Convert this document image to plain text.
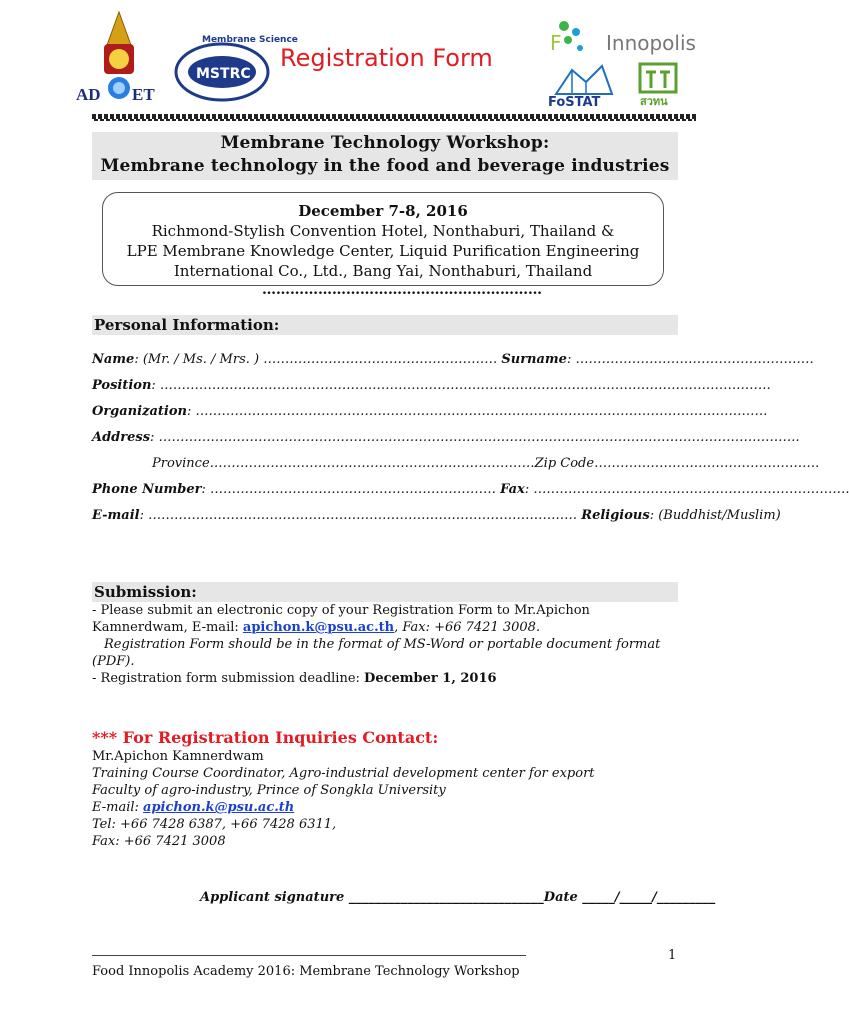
AD ET
MSTRC
Membrane Science
Registration Form
F Innopolis
FoSTAT	สวทน
Membrane Technology Workshop:
Membrane technology in the food and beverage industries
December 7-8, 2016
Richmond-Stylish Convention Hotel, Nonthaburi, Thailand &
LPE Membrane Knowledge Center, Liquid Purification Engineering
International Co., Ltd., Bang Yai, Nonthaburi, Thailand
……………………………………………………
Personal Information:
Name: (Mr. / Ms. / Mrs. ) ……………………………………………… Surname: ……………………………………………….
Position: ……………………………………………………………………………………………………………………………
Organization: ……………………………………………………………………………………………………………………
Address: ………………………………………………………………………………………………………………………………….
Province…………………………………………………………………Zip Code…………………………………………….
Phone Number: ………………………………………………………… Fax: ……………………………………………………………….
E-mail: ……………………………………………………………………………………… Religious: (Buddhist/Muslim)
Submission:
- Please submit an electronic copy of your Registration Form to Mr.Apichon
Kamnerdwam, E-mail: apichon.k@psu.ac.th, Fax: +66 7421 3008.
Registration Form should be in the format of MS-Word or portable document format
(PDF).
- Registration form submission deadline: December 1, 2016
*** For Registration Inquiries Contact:
Mr.Apichon Kamnerdwam
Training Course Coordinator, Agro-industrial development center for export
Faculty of agro-industry, Prince of Songkla University
E-mail: apichon.k@psu.ac.th
Tel: +66 7428 6387, +66 7428 6311,
Fax: +66 7421 3008
Applicant signature ______________________________Date _____/_____/_________
Food Innopolis Academy 2016: Membrane Technology Workshop
1
